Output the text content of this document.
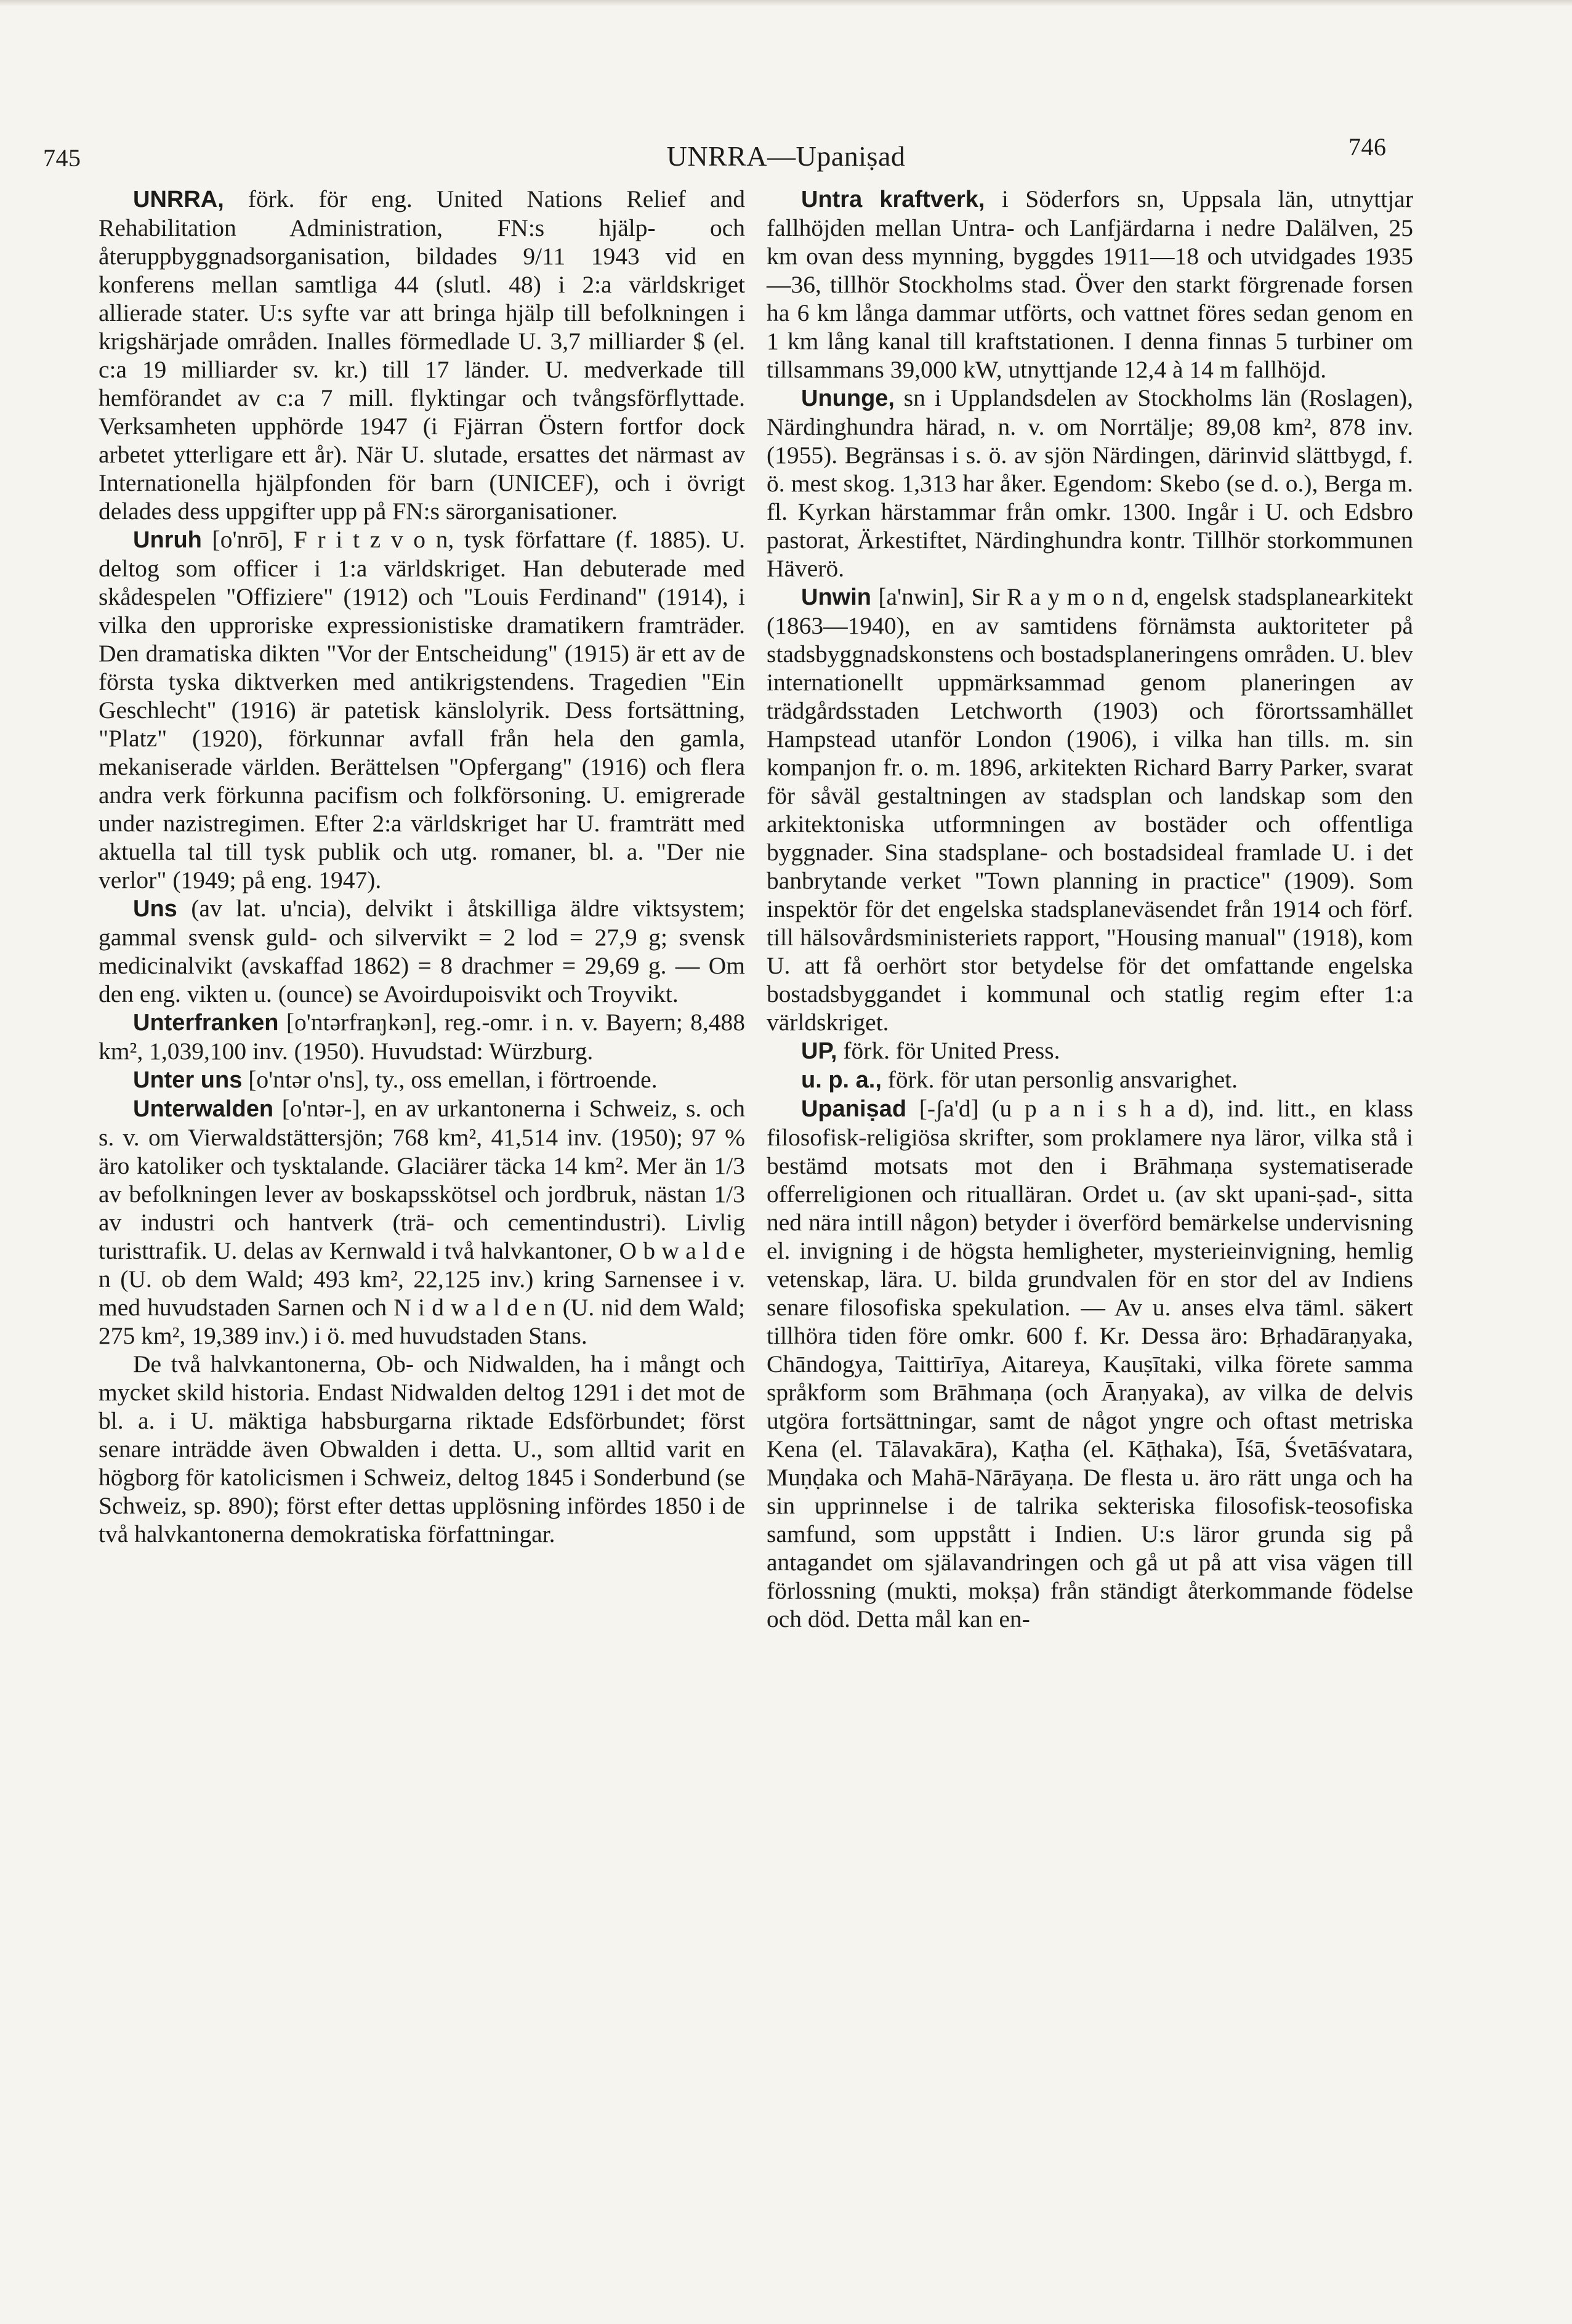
745	UNRRA—Upaniṣad	746

UNRRA, förk. för eng. United Nations Relief and Rehabilitation Administration, FN:s hjälp- och återuppbyggnadsorganisation, bildades 9/11 1943 vid en konferens mellan samtliga 44 (slutl. 48) i 2:a världskriget allierade stater. U:s syfte var att bringa hjälp till befolkningen i krigshärjade områden. Inalles förmedlade U. 3,7 milliarder $ (el. c:a 19 milliarder sv. kr.) till 17 länder. U. medverkade till hemförandet av c:a 7 mill. flyktingar och tvångsförflyttade. Verksamheten upphörde 1947 (i Fjärran Östern fortfor dock arbetet ytterligare ett år). När U. slutade, ersattes det närmast av Internationella hjälpfonden för barn (UNICEF), och i övrigt delades dess uppgifter upp på FN:s särorganisationer.

Unruh [o'nrō], F r i t z v o n, tysk författare (f. 1885). U. deltog som officer i 1:a världskriget. Han debuterade med skådespelen "Offiziere" (1912) och "Louis Ferdinand" (1914), i vilka den upproriske expressionistiske dramatikern framträder. Den dramatiska dikten "Vor der Entscheidung" (1915) är ett av de första tyska diktverken med antikrigstendens. Tragedien "Ein Geschlecht" (1916) är patetisk känslolyrik. Dess fortsättning, "Platz" (1920), förkunnar avfall från hela den gamla, mekaniserade världen. Berättelsen "Opfergang" (1916) och flera andra verk förkunna pacifism och folkförsoning. U. emigrerade under nazistregimen. Efter 2:a världskriget har U. framträtt med aktuella tal till tysk publik och utg. romaner, bl. a. "Der nie verlor" (1949; på eng. 1947).

Uns (av lat. u'ncia), delvikt i åtskilliga äldre viktsystem; gammal svensk guld- och silvervikt = 2 lod = 27,9 g; svensk medicinalvikt (avskaffad 1862) = 8 drachmer = 29,69 g. — Om den eng. vikten u. (ounce) se Avoirdupoisvikt och Troyvikt.

Unterfranken [o'ntərfraŋkən], reg.-omr. i n. v. Bayern; 8,488 km², 1,039,100 inv. (1950). Huvudstad: Würzburg.

Unter uns [o'ntər o'ns], ty., oss emellan, i förtroende.

Unterwalden [o'ntər-], en av urkantonerna i Schweiz, s. och s. v. om Vierwaldstättersjön; 768 km², 41,514 inv. (1950); 97 % äro katoliker och tysktalande. Glaciärer täcka 14 km². Mer än 1/3 av befolkningen lever av boskapsskötsel och jordbruk, nästan 1/3 av industri och hantverk (trä- och cementindustri). Livlig turisttrafik. U. delas av Kernwald i två halvkantoner, O b w a l d e n (U. ob dem Wald; 493 km², 22,125 inv.) kring Sarnensee i v. med huvudstaden Sarnen och N i d w a l d e n (U. nid dem Wald; 275 km², 19,389 inv.) i ö. med huvudstaden Stans.

De två halvkantonerna, Ob- och Nidwalden, ha i mångt och mycket skild historia. Endast Nidwalden deltog 1291 i det mot de bl. a. i U. mäktiga habsburgarna riktade Edsförbundet; först senare inträdde även Obwalden i detta. U., som alltid varit en högborg för katolicismen i Schweiz, deltog 1845 i Sonderbund (se Schweiz, sp. 890); först efter dettas upplösning infördes 1850 i de två halvkantonerna demokratiska författningar.

Untra kraftverk, i Söderfors sn, Uppsala län, utnyttjar fallhöjden mellan Untra- och Lanfjärdarna i nedre Dalälven, 25 km ovan dess mynning, byggdes 1911—18 och utvidgades 1935—36, tillhör Stockholms stad. Över den starkt förgrenade forsen ha 6 km långa dammar utförts, och vattnet föres sedan genom en 1 km lång kanal till kraftstationen. I denna finnas 5 turbiner om tillsammans 39,000 kW, utnyttjande 12,4 à 14 m fallhöjd.

Ununge, sn i Upplandsdelen av Stockholms län (Roslagen), Närdinghundra härad, n. v. om Norrtälje; 89,08 km², 878 inv. (1955). Begränsas i s. ö. av sjön Närdingen, därinvid slättbygd, f. ö. mest skog. 1,313 har åker. Egendom: Skebo (se d. o.), Berga m. fl. Kyrkan härstammar från omkr. 1300. Ingår i U. och Edsbro pastorat, Ärkestiftet, Närdinghundra kontr. Tillhör storkommunen Häverö.

Unwin [a'nwin], Sir R a y m o n d, engelsk stadsplanearkitekt (1863—1940), en av samtidens förnämsta auktoriteter på stadsbyggnadskonstens och bostadsplaneringens områden. U. blev internationellt uppmärksammad genom planeringen av trädgårdsstaden Letchworth (1903) och förortssamhället Hampstead utanför London (1906), i vilka han tills. m. sin kompanjon fr. o. m. 1896, arkitekten Richard Barry Parker, svarat för såväl gestaltningen av stadsplan och landskap som den arkitektoniska utformningen av bostäder och offentliga byggnader. Sina stadsplane- och bostadsideal framlade U. i det banbrytande verket "Town planning in practice" (1909). Som inspektör för det engelska stadsplaneväsendet från 1914 och förf. till hälsovårdsministeriets rapport, "Housing manual" (1918), kom U. att få oerhört stor betydelse för det omfattande engelska bostadsbyggandet i kommunal och statlig regim efter 1:a världskriget.

UP, förk. för United Press.

u. p. a., förk. för utan personlig ansvarighet.

Upaniṣad [-ʃa'd] (u p a n i s h a d), ind. litt., en klass filosofisk-religiösa skrifter, som proklamere nya läror, vilka stå i bestämd motsats mot den i Brāhmaṇa systematiserade offerreligionen och ritualläran. Ordet u. (av skt upani-ṣad-, sitta ned nära intill någon) betyder i överförd bemärkelse undervisning el. invigning i de högsta hemligheter, mysterieinvigning, hemlig vetenskap, lära. U. bilda grundvalen för en stor del av Indiens senare filosofiska spekulation. — Av u. anses elva täml. säkert tillhöra tiden före omkr. 600 f. Kr. Dessa äro: Bṛhadāraṇyaka, Chāndogya, Taittirīya, Aitareya, Kauṣītaki, vilka förete samma språkform som Brāhmaṇa (och Āraṇyaka), av vilka de delvis utgöra fortsättningar, samt de något yngre och oftast metriska Kena (el. Tālavakāra), Kaṭha (el. Kāṭhaka), Īśā, Śvetāśvatara, Muṇḍaka och Mahā-Nārāyaṇa. De flesta u. äro rätt unga och ha sin upprinnelse i de talrika sekteriska filosofisk-teosofiska samfund, som uppstått i Indien. U:s läror grunda sig på antagandet om själavandringen och gå ut på att visa vägen till förlossning (mukti, mokṣa) från ständigt återkommande födelse och död. Detta mål kan en-
